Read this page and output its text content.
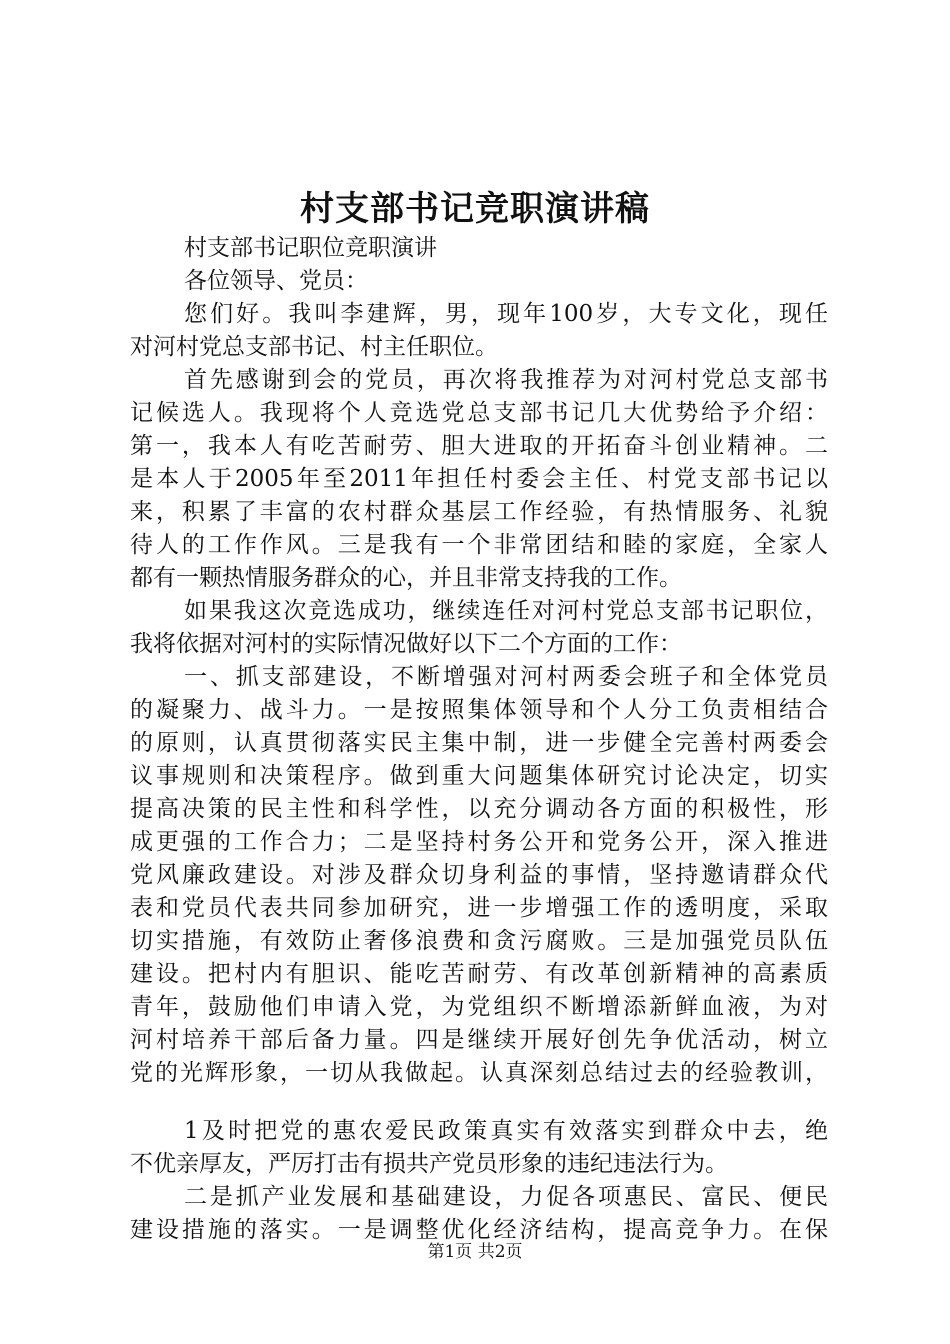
村支部书记竞职演讲稿
村支部书记职位竞职演讲
各位领导、党员：
您们好。我叫李建辉，男，现年100岁，大专文化，现任
对河村党总支部书记、村主任职位。
首先感谢到会的党员，再次将我推荐为对河村党总支部书
记候选人。我现将个人竞选党总支部书记几大优势给予介绍：
第一，我本人有吃苦耐劳、胆大进取的开拓奋斗创业精神。二
是本人于2005年至2011年担任村委会主任、村党支部书记以
来，积累了丰富的农村群众基层工作经验，有热情服务、礼貌
待人的工作作风。三是我有一个非常团结和睦的家庭，全家人
都有一颗热情服务群众的心，并且非常支持我的工作。
如果我这次竞选成功，继续连任对河村党总支部书记职位，
我将依据对河村的实际情况做好以下二个方面的工作：
一、抓支部建设，不断增强对河村两委会班子和全体党员
的凝聚力、战斗力。一是按照集体领导和个人分工负责相结合
的原则，认真贯彻落实民主集中制，进一步健全完善村两委会
议事规则和决策程序。做到重大问题集体研究讨论决定，切实
提高决策的民主性和科学性，以充分调动各方面的积极性，形
成更强的工作合力；二是坚持村务公开和党务公开，深入推进
党风廉政建设。对涉及群众切身利益的事情，坚持邀请群众代
表和党员代表共同参加研究，进一步增强工作的透明度，采取
切实措施，有效防止奢侈浪费和贪污腐败。三是加强党员队伍
建设。把村内有胆识、能吃苦耐劳、有改革创新精神的高素质
青年，鼓励他们申请入党，为党组织不断增添新鲜血液，为对
河村培养干部后备力量。四是继续开展好创先争优活动，树立
党的光辉形象，一切从我做起。认真深刻总结过去的经验教训，
1及时把党的惠农爱民政策真实有效落实到群众中去，绝
不优亲厚友，严厉打击有损共产党员形象的违纪违法行为。
二是抓产业发展和基础建设，力促各项惠民、富民、便民
建设措施的落实。一是调整优化经济结构，提高竞争力。在保
第1页 共2页
